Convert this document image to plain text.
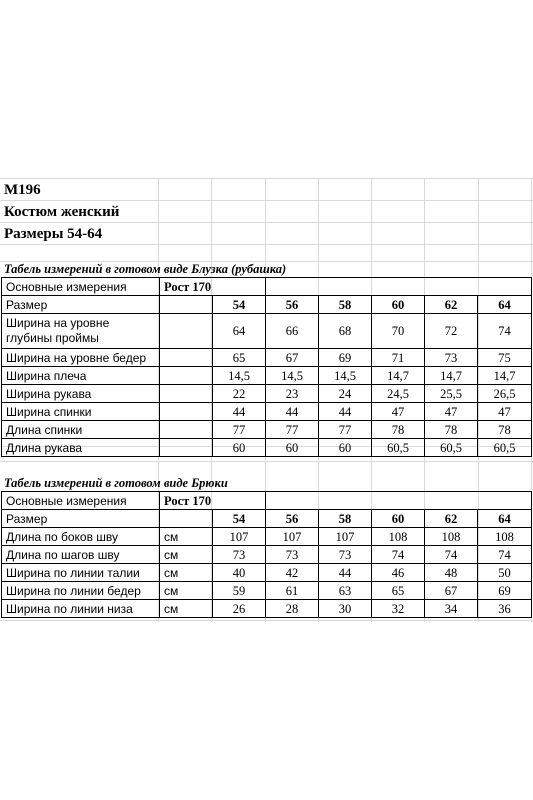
М196
Костюм женский
Размеры 54-64
Табель измерений в готовом виде Блузка (рубашка)
Основные измерения	Рост 170						
Размер		54	56	58	60	62	64
Ширина на уровне глубины проймы		64	66	68	70	72	74
Ширина на уровне бедер		65	67	69	71	73	75
Ширина плеча		14,5	14,5	14,5	14,7	14,7	14,7
Ширина рукава		22	23	24	24,5	25,5	26,5
Ширина спинки		44	44	44	47	47	47
Длина спинки		77	77	77	78	78	78
Длина рукава		60	60	60	60,5	60,5	60,5
Табель измерений в готовом виде Брюки
Основные измерения	Рост 170						
Размер		54	56	58	60	62	64
Длина по боков шву	см	107	107	107	108	108	108
Длина по шагов шву	см	73	73	73	74	74	74
Ширина по линии талии	см	40	42	44	46	48	50
Ширина по линии бедер	см	59	61	63	65	67	69
Ширина по линии низа	см	26	28	30	32	34	36
